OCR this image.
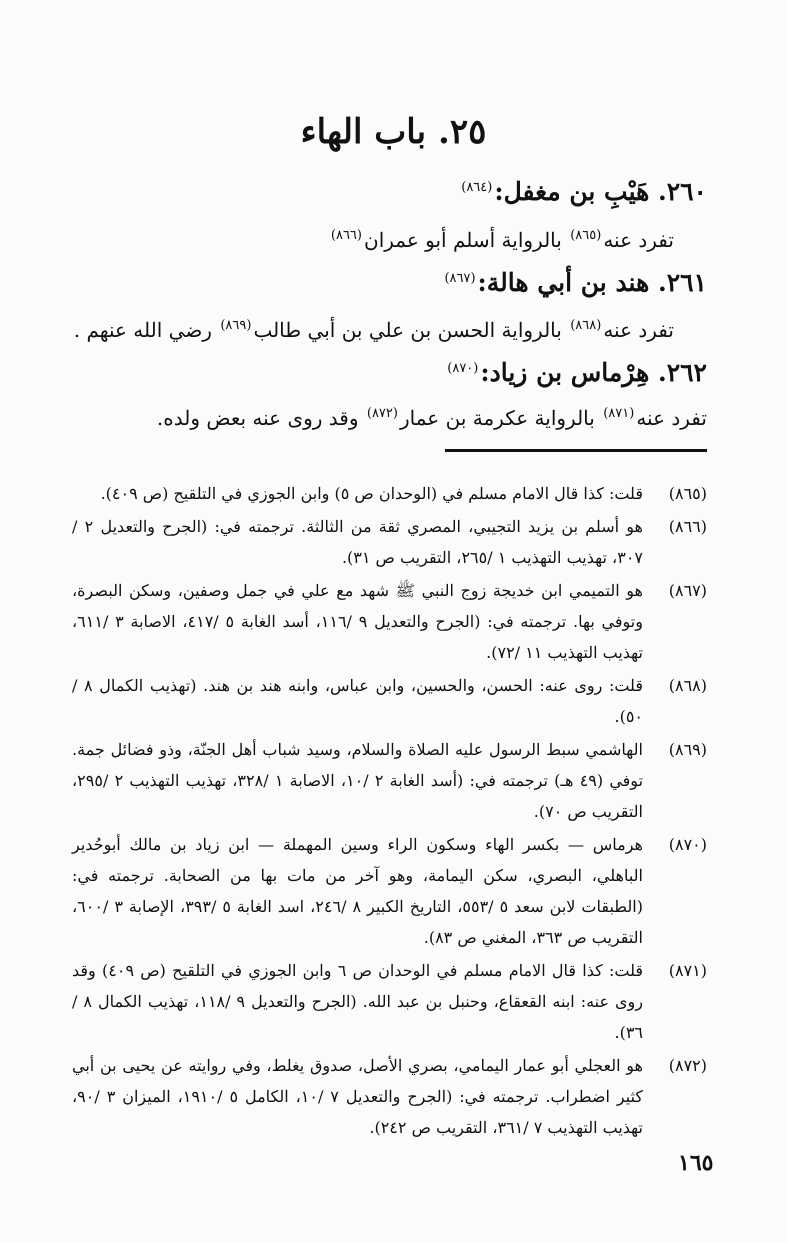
٢٥. باب الهاء
٢٦٠. هَيْبِ بن مغفل:$^{(٨٦٤)}$
تفرد عنه$^{(٨٦٥)}$ بالرواية أسلم أبو عمران$^{(٨٦٦)}$
٢٦١. هند بن أبي هالة:$^{(٨٦٧)}$
تفرد عنه$^{(٨٦٨)}$ بالرواية الحسن بن علي بن أبي طالب$^{(٨٦٩)}$ رضي الله عنهم .
٢٦٢. هِرْماس بن زياد:$^{(٨٧٠)}$
تفرد عنه$^{(٨٧١)}$ بالرواية عكرمة بن عمار$^{(٨٧٢)}$ وقد روى عنه بعض ولده.
(٨٦٥)
قلت: كذا قال الامام مسلم في (الوحدان ص ٥) وابن الجوزي في التلقيح (ص ٤٠٩).
(٨٦٦)
هو أسلم بن يزيد التجيبي، المصري ثقة من الثالثة. ترجمته في: (الجرح والتعديل ٢ /٣٠٧، تهذيب التهذيب ١ /٢٦٥، التقريب ص ٣١).
(٨٦٧)
هو التميمي ابن خديجة زوج النبي ﷺ شهد مع علي في جمل وصفين، وسكن البصرة، وتوفي بها. ترجمته في: (الجرح والتعديل ٩ /١١٦، أسد الغابة ٥ /٤١٧، الاصابة ٣ /٦١١، تهذيب التهذيب ١١ /٧٢).
(٨٦٨)
قلت: روى عنه: الحسن، والحسين، وابن عباس، وابنه هند بن هند. (تهذيب الكمال ٨ /٥٠).
(٨٦٩)
الهاشمي سبط الرسول عليه الصلاة والسلام، وسيد شباب أهل الجنّة، وذو فضائل جمة. توفي (٤٩ هـ) ترجمته في: (أسد الغابة ٢ /١٠، الاصابة ١ /٣٢٨، تهذيب التهذيب ٢ /٢٩٥، التقريب ص ٧٠).
(٨٧٠)
هرماس — بكسر الهاء وسكون الراء وسين المهملة — ابن زياد بن مالك أبوحُدير الباهلي، البصري، سكن اليمامة، وهو آخر من مات بها من الصحابة. ترجمته في: (الطبقات لابن سعد ٥ /٥٥٣، التاريخ الكبير ٨ /٢٤٦، اسد الغابة ٥ /٣٩٣، الإصابة ٣ /٦٠٠، التقريب ص ٣٦٣، المغني ص ٨٣).
(٨٧١)
قلت: كذا قال الامام مسلم في الوحدان ص ٦ وابن الجوزي في التلقيح (ص ٤٠٩) وقد روى عنه: ابنه القعقاع، وحنبل بن عبد الله. (الجرح والتعديل ٩ /١١٨، تهذيب الكمال ٨ /٣٦).
(٨٧٢)
هو العجلي أبو عمار اليمامي، بصري الأصل، صدوق يغلط، وفي روايته عن يحيى بن أبي كثير اضطراب. ترجمته في: (الجرح والتعديل ٧ /١٠، الكامل ٥ /١٩١٠، الميزان ٣ /٩٠، تهذيب التهذيب ٧ /٣٦١، التقريب ص ٢٤٢).
١٦٥
